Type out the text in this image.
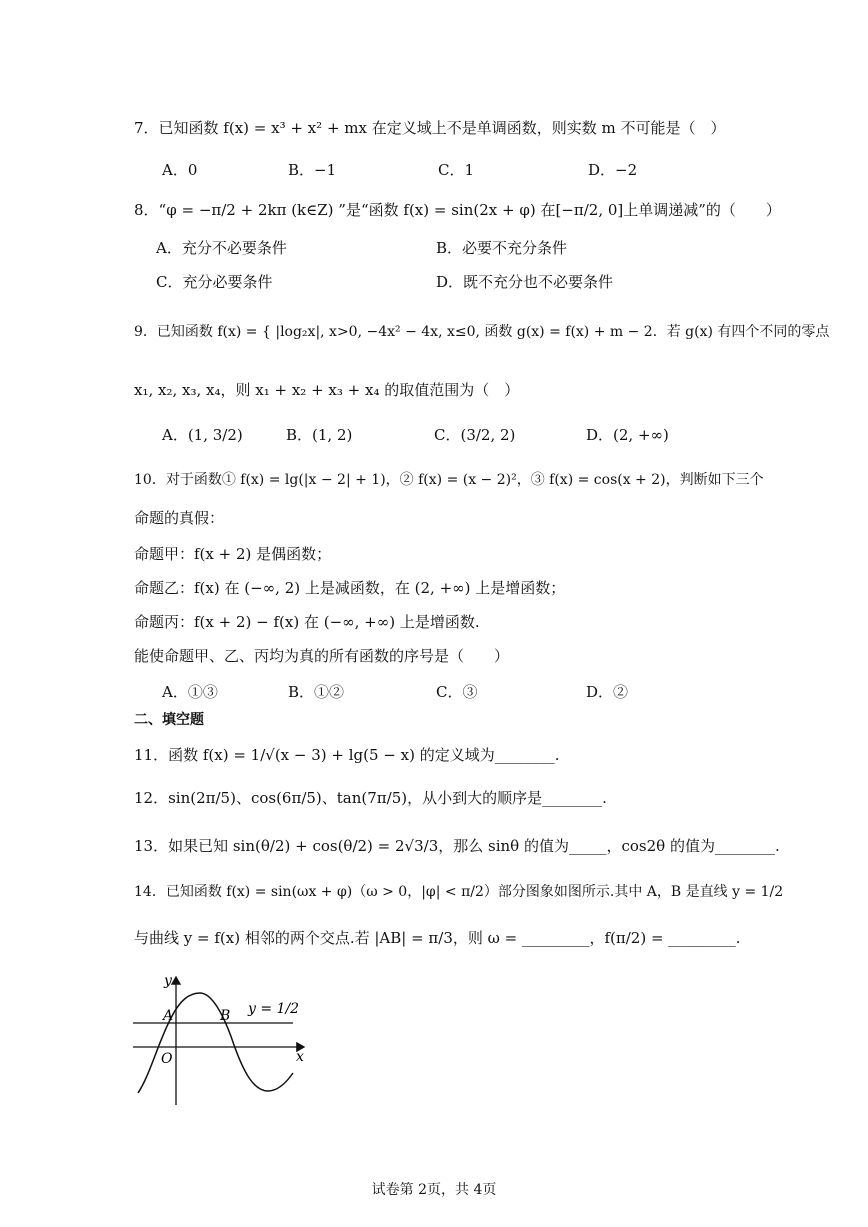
7．已知函数 f(x) = x³ + x² + mx 在定义域上不是单调函数，则实数 m 不可能是（　）
A．0	B．−1	C．1	D．−2
8．“φ = −π/2 + 2kπ (k∈Z) ”是“函数 f(x) = sin(2x + φ) 在[−π/2, 0]上单调递减”的（　　）
A．充分不必要条件	B．必要不充分条件
C．充分必要条件	D．既不充分也不必要条件
9．已知函数 f(x) = { |log₂x|, x>0, −4x² − 4x, x≤0, 函数 g(x) = f(x) + m − 2．若 g(x) 有四个不同的零点
x₁, x₂, x₃, x₄，则 x₁ + x₂ + x₃ + x₄ 的取值范围为（　）
A．(1, 3/2)	B．(1, 2)	C．(3/2, 2)	D．(2, +∞)
10．对于函数① f(x) = lg(|x − 2| + 1)，② f(x) = (x − 2)²，③ f(x) = cos(x + 2)，判断如下三个
命题的真假：
命题甲：f(x + 2) 是偶函数；
命题乙：f(x) 在 (−∞, 2) 上是减函数，在 (2, +∞) 上是增函数；
命题丙：f(x + 2) − f(x) 在 (−∞, +∞) 上是增函数.
能使命题甲、乙、丙均为真的所有函数的序号是（　　）
A．①③	B．①②	C．③	D．②
二、填空题
11．函数 f(x) = 1/√(x − 3) + lg(5 − x) 的定义域为________.
12．sin(2π/5)、cos(6π/5)、tan(7π/5)，从小到大的顺序是________.
13．如果已知 sin(θ/2) + cos(θ/2) = 2√3/3，那么 sinθ 的值为_____，cos2θ 的值为________.
14．已知函数 f(x) = sin(ωx + φ)（ω > 0，|φ| < π/2）部分图象如图所示.其中 A，B 是直线 y = 1/2
与曲线 y = f(x) 相邻的两个交点.若 |AB| = π/3，则 ω = _________，f(π/2) = _________.
y
x
O
A	B y = 1/2
试卷第 2页，共 4页
